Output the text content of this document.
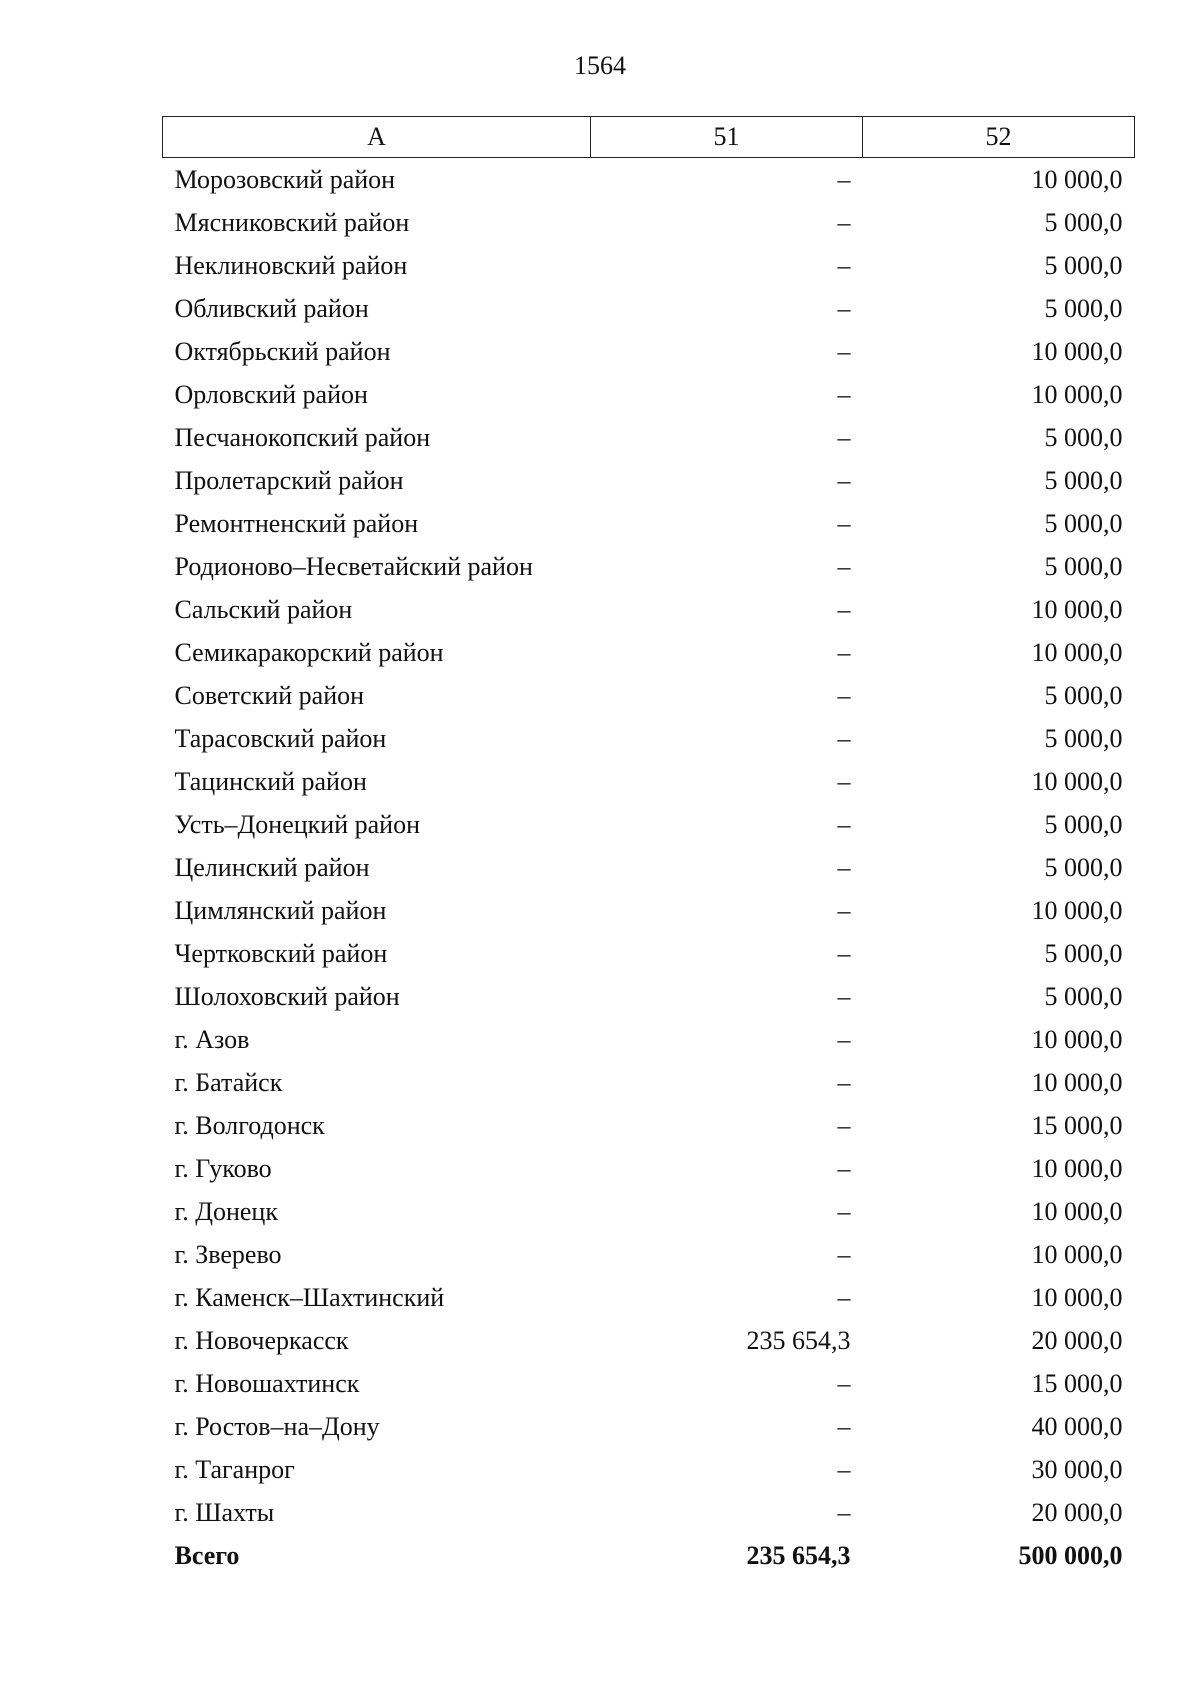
1564
А	51	52
Морозовский район	–	10 000,0
Мясниковский район	–	5 000,0
Неклиновский район	–	5 000,0
Обливский район	–	5 000,0
Октябрьский район	–	10 000,0
Орловский район	–	10 000,0
Песчанокопский район	–	5 000,0
Пролетарский район	–	5 000,0
Ремонтненский район	–	5 000,0
Родионово–Несветайский район	–	5 000,0
Сальский район	–	10 000,0
Семикаракорский район	–	10 000,0
Советский район	–	5 000,0
Тарасовский район	–	5 000,0
Тацинский район	–	10 000,0
Усть–Донецкий район	–	5 000,0
Целинский район	–	5 000,0
Цимлянский район	–	10 000,0
Чертковский район	–	5 000,0
Шолоховский район	–	5 000,0
г. Азов	–	10 000,0
г. Батайск	–	10 000,0
г. Волгодонск	–	15 000,0
г. Гуково	–	10 000,0
г. Донецк	–	10 000,0
г. Зверево	–	10 000,0
г. Каменск–Шахтинский	–	10 000,0
г. Новочеркасск	235 654,3	20 000,0
г. Новошахтинск	–	15 000,0
г. Ростов–на–Дону	–	40 000,0
г. Таганрог	–	30 000,0
г. Шахты	–	20 000,0
Всего	235 654,3	500 000,0
